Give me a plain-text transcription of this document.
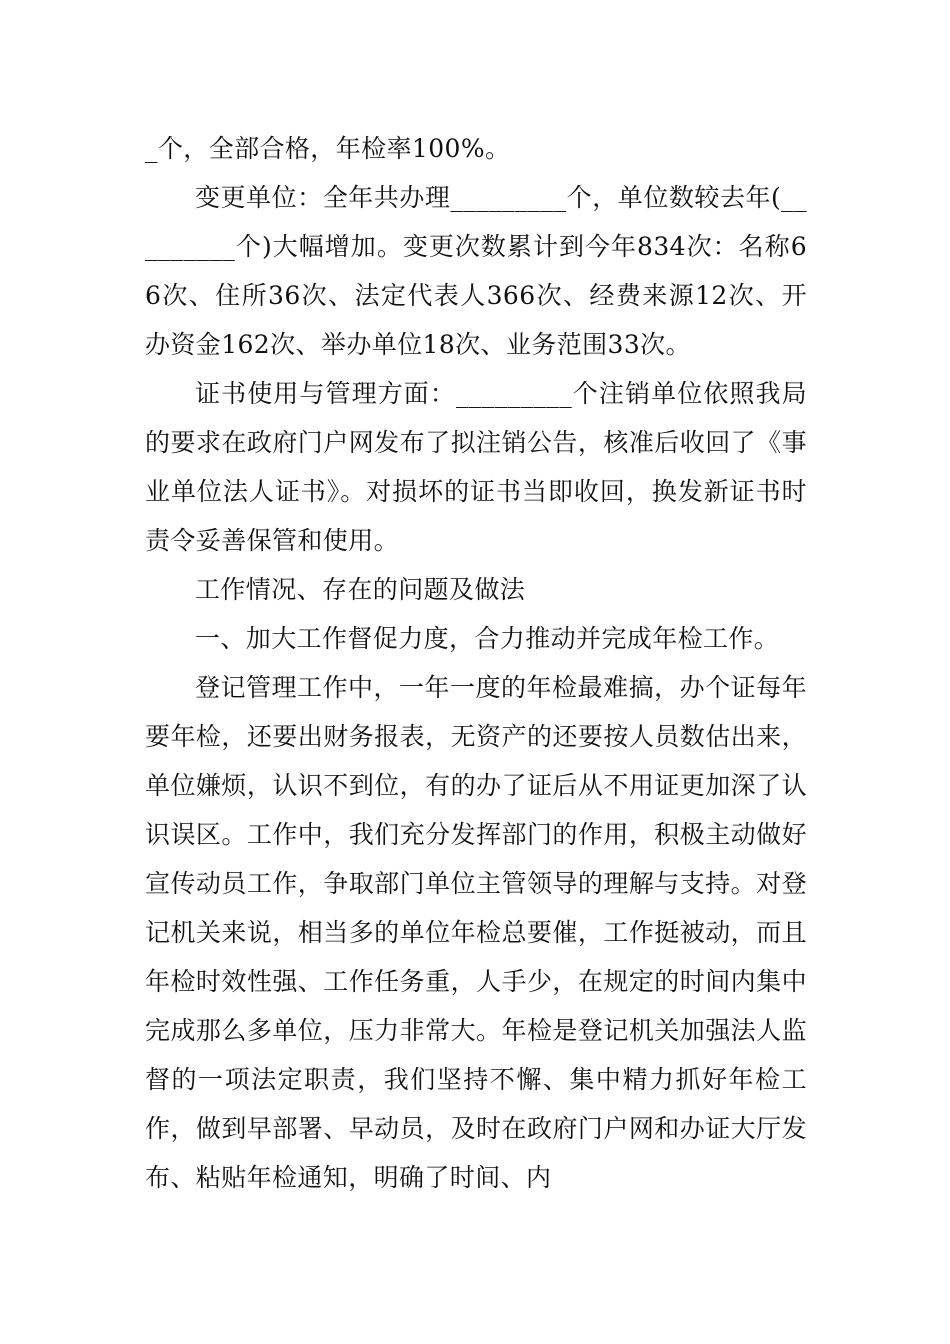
_个，全部合格，年检率100%。

变更单位：全年共办理_________个，单位数较去年(_________个)大幅增加。变更次数累计到今年834次：名称66次、住所36次、法定代表人366次、经费来源12次、开办资金162次、举办单位18次、业务范围33次。

证书使用与管理方面：_________个注销单位依照我局的要求在政府门户网发布了拟注销公告，核准后收回了《事业单位法人证书》。对损坏的证书当即收回，换发新证书时责令妥善保管和使用。

工作情况、存在的问题及做法

一、加大工作督促力度，合力推动并完成年检工作。

登记管理工作中，一年一度的年检最难搞，办个证每年要年检，还要出财务报表，无资产的还要按人员数估出来，单位嫌烦，认识不到位，有的办了证后从不用证更加深了认识误区。工作中，我们充分发挥部门的作用，积极主动做好宣传动员工作，争取部门单位主管领导的理解与支持。对登记机关来说，相当多的单位年检总要催，工作挺被动，而且年检时效性强、工作任务重，人手少，在规定的时间内集中完成那么多单位，压力非常大。年检是登记机关加强法人监督的一项法定职责，我们坚持不懈、集中精力抓好年检工作，做到早部署、早动员，及时在政府门户网和办证大厅发布、粘贴年检通知，明确了时间、内
